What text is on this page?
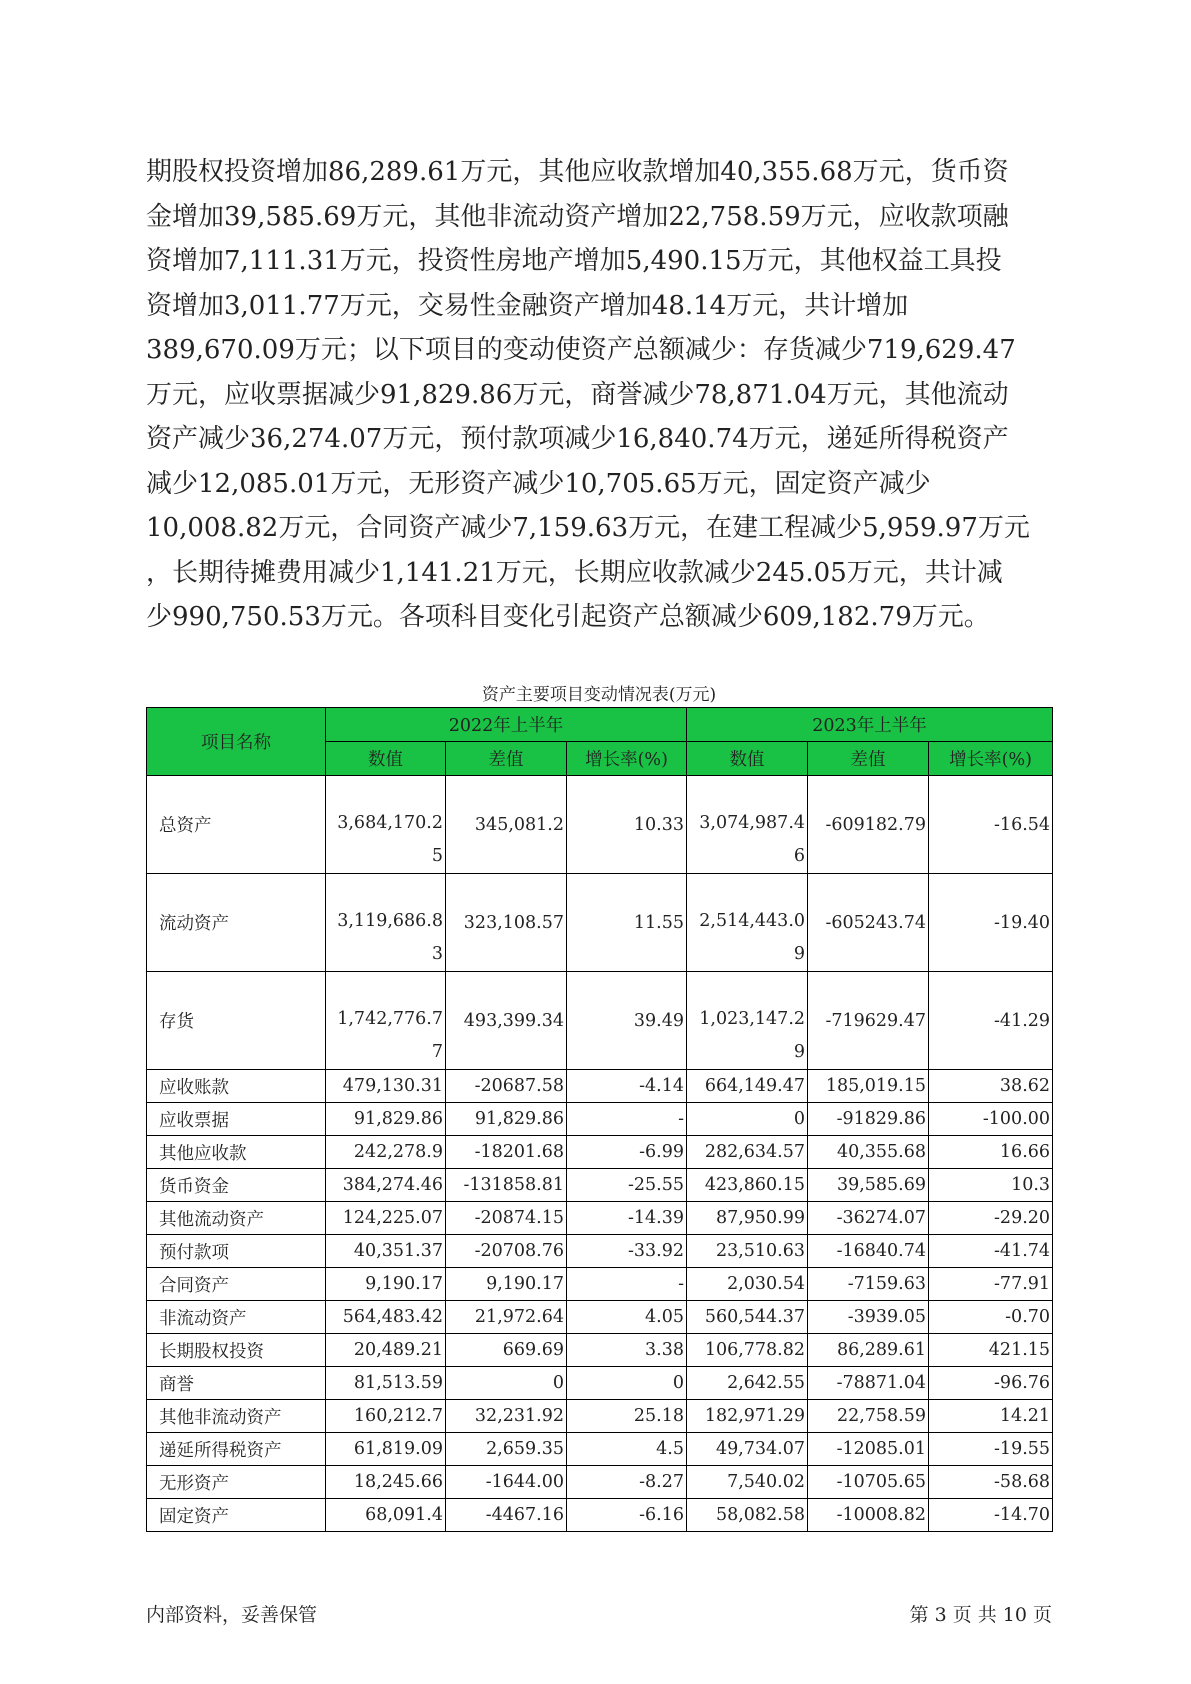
期股权投资增加86,289.61万元，其他应收款增加40,355.68万元，货币资
金增加39,585.69万元，其他非流动资产增加22,758.59万元，应收款项融
资增加7,111.31万元，投资性房地产增加5,490.15万元，其他权益工具投
资增加3,011.77万元，交易性金融资产增加48.14万元，共计增加
389,670.09万元；以下项目的变动使资产总额减少：存货减少719,629.47
万元，应收票据减少91,829.86万元，商誉减少78,871.04万元，其他流动
资产减少36,274.07万元，预付款项减少16,840.74万元，递延所得税资产
减少12,085.01万元，无形资产减少10,705.65万元，固定资产减少
10,008.82万元，合同资产减少7,159.63万元，在建工程减少5,959.97万元
，长期待摊费用减少1,141.21万元，长期应收款减少245.05万元，共计减
少990,750.53万元。各项科目变化引起资产总额减少609,182.79万元。
资产主要项目变动情况表(万元)
项目名称	2022年上半年			2023年上半年		
	数值	差值	增长率(%)	数值	差值	增长率(%)
总资产	3,684,170.25	345,081.2	10.33	3,074,987.46	-609182.79	-16.54
流动资产	3,119,686.83	323,108.57	11.55	2,514,443.09	-605243.74	-19.40
存货	1,742,776.77	493,399.34	39.49	1,023,147.29	-719629.47	-41.29
应收账款	479,130.31	-20687.58	-4.14	664,149.47	185,019.15	38.62
应收票据	91,829.86	91,829.86	-	0	-91829.86	-100.00
其他应收款	242,278.9	-18201.68	-6.99	282,634.57	40,355.68	16.66
货币资金	384,274.46	-131858.81	-25.55	423,860.15	39,585.69	10.3
其他流动资产	124,225.07	-20874.15	-14.39	87,950.99	-36274.07	-29.20
预付款项	40,351.37	-20708.76	-33.92	23,510.63	-16840.74	-41.74
合同资产	9,190.17	9,190.17	-	2,030.54	-7159.63	-77.91
非流动资产	564,483.42	21,972.64	4.05	560,544.37	-3939.05	-0.70
长期股权投资	20,489.21	669.69	3.38	106,778.82	86,289.61	421.15
商誉	81,513.59	0	0	2,642.55	-78871.04	-96.76
其他非流动资产	160,212.7	32,231.92	25.18	182,971.29	22,758.59	14.21
递延所得税资产	61,819.09	2,659.35	4.5	49,734.07	-12085.01	-19.55
无形资产	18,245.66	-1644.00	-8.27	7,540.02	-10705.65	-58.68
固定资产	68,091.4	-4467.16	-6.16	58,082.58	-10008.82	-14.70
内部资料，妥善保管	第 3 页 共 10 页
